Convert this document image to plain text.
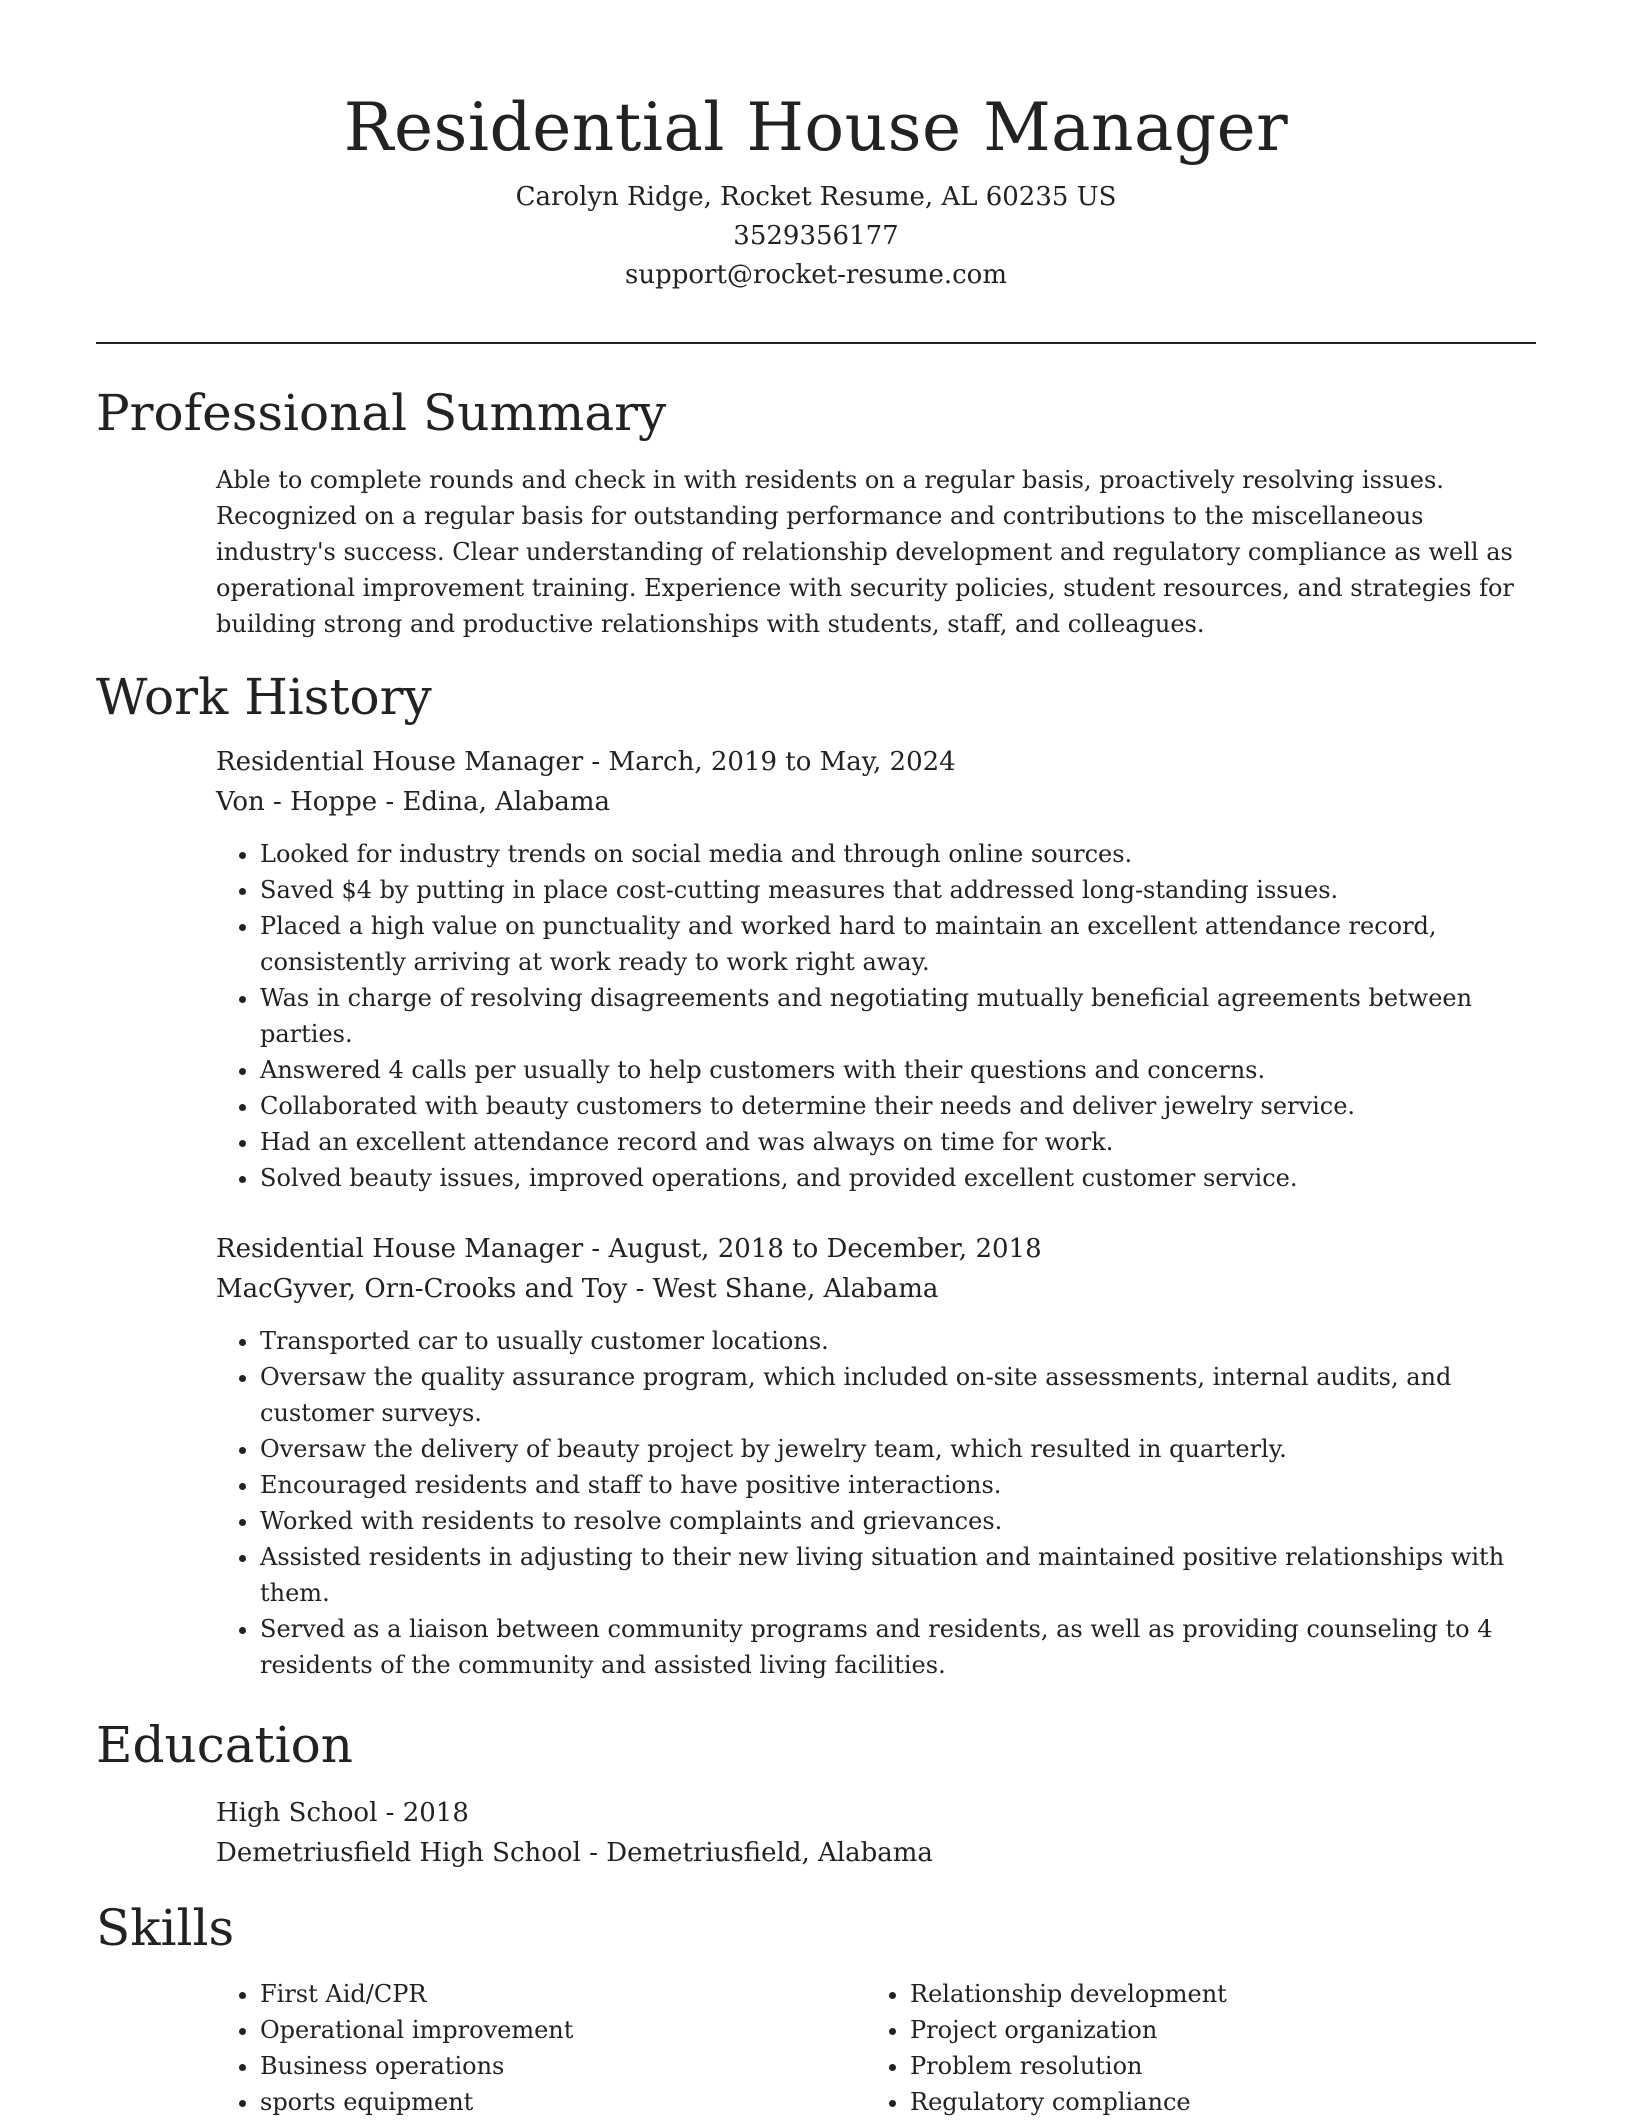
Residential House Manager

Carolyn Ridge, Rocket Resume, AL 60235 US

3529356177

support@rocket-resume.com

Professional Summary

Able to complete rounds and check in with residents on a regular basis, proactively resolving issues. Recognized on a regular basis for outstanding performance and contributions to the miscellaneous industry's success. Clear understanding of relationship development and regulatory compliance as well as operational improvement training. Experience with security policies, student resources, and strategies for building strong and productive relationships with students, staff, and colleagues.

Work History

Residential House Manager - March, 2019 to May, 2024

Von - Hoppe - Edina, Alabama

• Looked for industry trends on social media and through online sources.
• Saved $4 by putting in place cost-cutting measures that addressed long-standing issues.
• Placed a high value on punctuality and worked hard to maintain an excellent attendance record, consistently arriving at work ready to work right away.
• Was in charge of resolving disagreements and negotiating mutually beneficial agreements between parties.
• Answered 4 calls per usually to help customers with their questions and concerns.
• Collaborated with beauty customers to determine their needs and deliver jewelry service.
• Had an excellent attendance record and was always on time for work.
• Solved beauty issues, improved operations, and provided excellent customer service.

Residential House Manager - August, 2018 to December, 2018

MacGyver, Orn-Crooks and Toy - West Shane, Alabama

• Transported car to usually customer locations.
• Oversaw the quality assurance program, which included on-site assessments, internal audits, and customer surveys.
• Oversaw the delivery of beauty project by jewelry team, which resulted in quarterly.
• Encouraged residents and staff to have positive interactions.
• Worked with residents to resolve complaints and grievances.
• Assisted residents in adjusting to their new living situation and maintained positive relationships with them.
• Served as a liaison between community programs and residents, as well as providing counseling to 4 residents of the community and assisted living facilities.
Education

High School - 2018

Demetriusfield High School - Demetriusfield, Alabama

Skills
• First Aid/CPR
• Operational improvement
• Business operations
• sports equipment
• Relationship development
• Project organization
• Problem resolution
• Regulatory compliance
